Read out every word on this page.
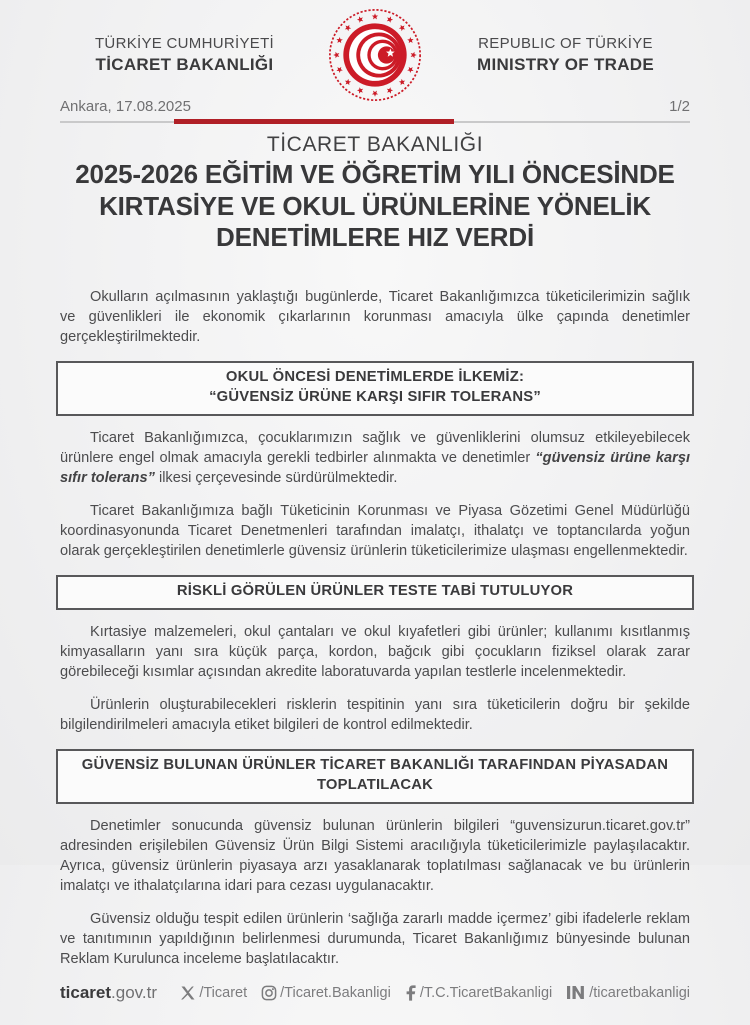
TÜRKİYE CUMHURİYETİ
TİCARET BAKANLIĞI
REPUBLIC OF TÜRKİYE
MINISTRY OF TRADE
Ankara, 17.08.2025	1/2
TİCARET BAKANLIĞI
2025-2026 EĞİTİM VE ÖĞRETİM YILI ÖNCESİNDE
KIRTASİYE VE OKUL ÜRÜNLERİNE YÖNELİK
DENETİMLERE HIZ VERDİ

Okulların açılmasının yaklaştığı bugünlerde, Ticaret Bakanlığımızca tüketicilerimizin sağlık ve güvenlikleri ile ekonomik çıkarlarının korunması amacıyla ülke çapında denetimler gerçekleştirilmektedir.

OKUL ÖNCESİ DENETİMLERDE İLKEMİZ:
“GÜVENSİZ ÜRÜNE KARŞI SIFIR TOLERANS”

Ticaret Bakanlığımızca, çocuklarımızın sağlık ve güvenliklerini olumsuz etkileyebilecek ürünlere engel olmak amacıyla gerekli tedbirler alınmakta ve denetimler “güvensiz ürüne karşı sıfır tolerans” ilkesi çerçevesinde sürdürülmektedir.

Ticaret Bakanlığımıza bağlı Tüketicinin Korunması ve Piyasa Gözetimi Genel Müdürlüğü koordinasyonunda Ticaret Denetmenleri tarafından imalatçı, ithalatçı ve toptancılarda yoğun olarak gerçekleştirilen denetimlerle güvensiz ürünlerin tüketicilerimize ulaşması engellenmektedir.

RİSKLİ GÖRÜLEN ÜRÜNLER TESTE TABİ TUTULUYOR

Kırtasiye malzemeleri, okul çantaları ve okul kıyafetleri gibi ürünler; kullanımı kısıtlanmış kimyasalların yanı sıra küçük parça, kordon, bağcık gibi çocukların fiziksel olarak zarar görebileceği kısımlar açısından akredite laboratuvarda yapılan testlerle incelenmektedir.

Ürünlerin oluşturabilecekleri risklerin tespitinin yanı sıra tüketicilerin doğru bir şekilde bilgilendirilmeleri amacıyla etiket bilgileri de kontrol edilmektedir.

GÜVENSİZ BULUNAN ÜRÜNLER TİCARET BAKANLIĞI TARAFINDAN PİYASADAN TOPLATILACAK

Denetimler sonucunda güvensiz bulunan ürünlerin bilgileri “guvensizurun.ticaret.gov.tr” adresinden erişilebilen Güvensiz Ürün Bilgi Sistemi aracılığıyla tüketicilerimizle paylaşılacaktır. Ayrıca, güvensiz ürünlerin piyasaya arzı yasaklanarak toplatılması sağlanacak ve bu ürünlerin imalatçı ve ithalatçılarına idari para cezası uygulanacaktır.

Güvensiz olduğu tespit edilen ürünlerin ‘sağlığa zararlı madde içermez’ gibi ifadelerle reklam ve tanıtımının yapıldığının belirlenmesi durumunda, Ticaret Bakanlığımız bünyesinde bulunan Reklam Kurulunca inceleme başlatılacaktır.

ticaret.gov.tr	/Ticaret /Ticaret.Bakanligi /T.C.TicaretBakanligi	/ticaretbakanligi
